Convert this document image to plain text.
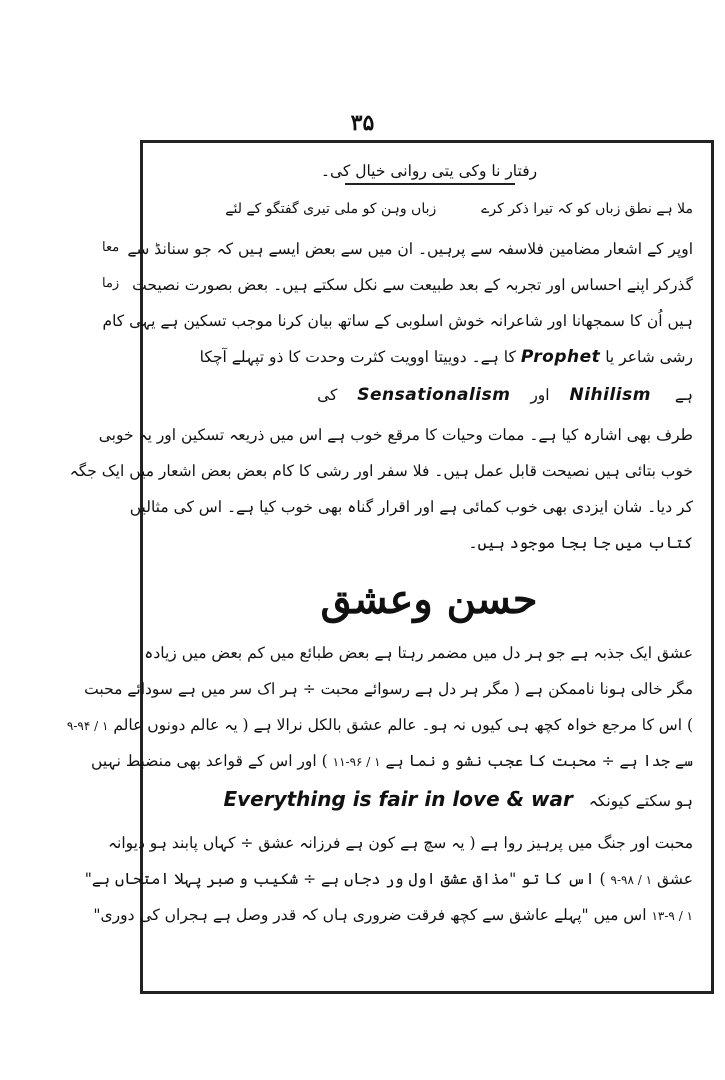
۳۵
معا
زما
رفتار نا وکی یتی روانی خیال کی۔
ملا ہے نطق زباں کو کہ تیرا ذکر کرے  زباں وہن کو ملی تیری گفتگو کے لئے
اوپر کے اشعار مضامین فلاسفہ سے پرہیں۔ ان میں سے بعض ایسے ہیں کہ جو سنانڈ سے
گذرکر اپنے احساس اور تجربہ کے بعد طبیعت سے نکل سکتے ہیں۔ بعض بصورت نصیحت
ہیں اُن کا سمجھانا اور شاعرانہ خوش اسلوبی کے ساتھ بیان کرنا موجب تسکین ہے یہی کام
رشی شاعر یا Prophet کا ہے۔ دوییتا اوویت کثرت وحدت کا ذو تپہلے آچکا
ہے  Nihilism  اور  Sensationalism  کی
طرف بھی اشارہ کیا ہے۔ ممات وحیات کا مرقع خوب ہے اس میں ذریعہ تسکین اور یہ خوبی
خوب بتائی ہیں نصیحت قابل عمل ہیں۔ فلا سفر اور رشی کا کام بعض بعض اشعار میں ایک جگہ
کر دیا۔ شان ایزدی بھی خوب کمائی ہے اور اقرار گناہ بھی خوب کیا ہے۔ اس کی مثالیں
کتاب میں جا بجا موجود ہیں۔
حسن وعشق
عشق ایک جذبہ ہے جو ہر دل میں مضمر رہتا ہے بعض طبائع میں کم بعض میں زیادہ
مگر خالی ہونا ناممکن ہے ( مگر ہر دل ہے رسوائے محبت ÷ ہر اک سر میں ہے سودائے محبت
) اس کا مرجع خواہ کچھ ہی کیوں نہ ہو۔ عالم عشق بالکل نرالا ہے ( یہ عالم دونوں عالم ۹-۹۴ / ۱
سے جدا ہے ÷ محبت کا عجب نشو و نما ہے ۱۱-۹۶ / ۱ ) اور اس کے قواعد بھی منضبط نہیں
ہو سکتے کیونکہ  Everything is fair in love & war
محبت اور جنگ میں پرہیز روا ہے ( یہ سچ ہے کون ہے فرزانہ عشق ÷ کہاں پابند ہو دیوانہ
عشق ۹-۹۸ / ۱ ) اس کا تو "مذاق عشق اول ور دجاں ہے ÷ شکیب و صبر پہلا امتحاں ہے"
۱۳-۹ / ۱ اس میں "پہلے عاشق سے کچھ فرقت ضروری ہاں کہ قدر وصل ہے ہجراں کی دوری"
